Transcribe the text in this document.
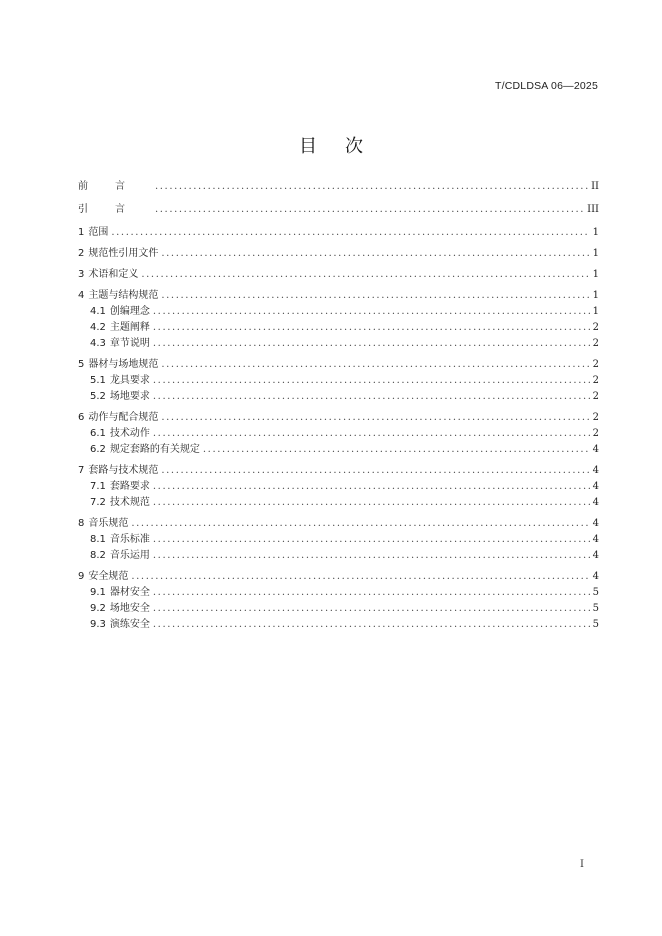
T/CDLDSA 06—2025
目 次
前言 .....	II
引言 .....	III
1 范围 .....	1
2 规范性引用文件 .....	1
3 术语和定义 .....	1
4 主题与结构规范 .....	1
4.1 创编理念 .....	1
4.2 主题阐释 .....	2
4.3 章节说明 .....	2
5 器材与场地规范 .....	2
5.1 龙具要求 .....	2
5.2 场地要求 .....	2
6 动作与配合规范 .....	2
6.1 技术动作 .....	2
6.2 规定套路的有关规定 .....	4
7 套路与技术规范 .....	4
7.1 套路要求 .....	4
7.2 技术规范 .....	4
8 音乐规范 .....	4
8.1 音乐标准 .....	4
8.2 音乐运用 .....	4
9 安全规范 .....	4
9.1 器材安全 .....	5
9.2 场地安全 .....	5
9.3 演练安全 .....	5
I
